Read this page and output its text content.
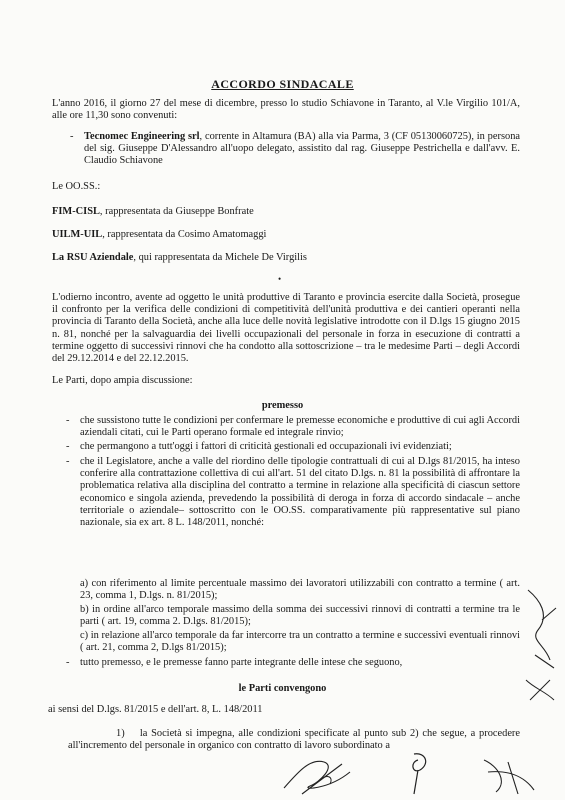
ACCORDO SINDACALE
L'anno 2016, il giorno 27 del mese di dicembre, presso lo studio Schiavone in Taranto, al V.le Virgilio 101/A, alle ore 11,30 sono convenuti:
- Tecnomec Engineering srl, corrente in Altamura (BA) alla via Parma, 3 (CF 05130060725), in persona del sig. Giuseppe D'Alessandro all'uopo delegato, assistito dal rag. Giuseppe Pestrichella e dall'avv. E. Claudio Schiavone
Le OO.SS.:
FIM-CISL, rappresentata da Giuseppe Bonfrate
UILM-UIL, rappresentata da Cosimo Amatomaggi
La RSU Aziendale, qui rappresentata da Michele De Virgilis
•
L'odierno incontro, avente ad oggetto le unità produttive di Taranto e provincia esercite dalla Società, prosegue il confronto per la verifica delle condizioni di competitività dell'unità produttiva e dei cantieri operanti nella provincia di Taranto della Società, anche alla luce delle novità legislative introdotte con il D.lgs 15 giugno 2015 n. 81, nonché per la salvaguardia dei livelli occupazionali del personale in forza in esecuzione di contratti a termine oggetto di successivi rinnovi che ha condotto alla sottoscrizione – tra le medesime Parti – degli Accordi del 29.12.2014 e del 22.12.2015.
Le Parti, dopo ampia discussione:
premesso
- che sussistono tutte le condizioni per confermare le premesse economiche e produttive di cui agli Accordi aziendali citati, cui le Parti operano formale ed integrale rinvio;
- che permangono a tutt'oggi i fattori di criticità gestionali ed occupazionali ivi evidenziati;
- che il Legislatore, anche a valle del riordino delle tipologie contrattuali di cui al D.lgs 81/2015, ha inteso conferire alla contrattazione collettiva di cui all'art. 51 del citato D.lgs. n. 81 la possibilità di affrontare la problematica relativa alla disciplina del contratto a termine in relazione alla specificità di ciascun settore economico e singola azienda, prevedendo la possibilità di deroga in forza di accordo sindacale – anche territoriale o aziendale– sottoscritto con le OO.SS. comparativamente più rappresentative sul piano nazionale, sia ex art. 8 L. 148/2011, nonché:
a) con riferimento al limite percentuale massimo dei lavoratori utilizzabili con contratto a termine ( art. 23, comma 1, D.lgs. n. 81/2015);
b) in ordine all'arco temporale massimo della somma dei successivi rinnovi di contratti a termine tra le parti ( art. 19, comma 2. D.lgs. 81/2015);
c) in relazione all'arco temporale da far intercorre tra un contratto a termine e successivi eventuali rinnovi ( art. 21, comma 2, D.lgs 81/2015);
- tutto premesso, e le premesse fanno parte integrante delle intese che seguono,
le Parti convengono
ai sensi del D.lgs. 81/2015 e dell'art. 8, L. 148/2011
1) la Società si impegna, alle condizioni specificate al punto sub 2) che segue, a procedere all'incremento del personale in organico con contratto di lavoro subordinato a
